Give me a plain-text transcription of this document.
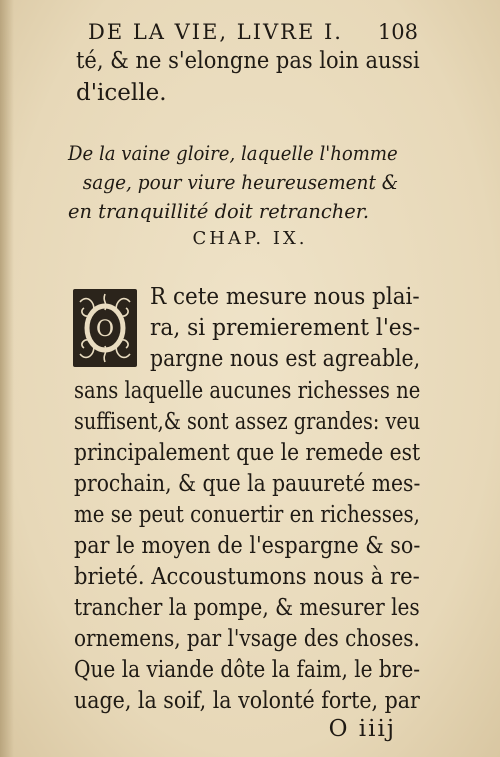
DE LA VIE, LIVRE I. 108
té, & ne s'elongne pas loin aussi
d'icelle.
De la vaine gloire, laquelle l'homme
sage, pour viure heureusement &
en tranquillité doit retrancher.
CHAP. IX.
O
R cete mesure nous plai-
ra, si premierement l'es-
pargne nous est agreable,
sans laquelle aucunes richesses ne
suffisent,& sont assez grandes: veu
principalement que le remede est
prochain, & que la pauureté mes-
me se peut conuertir en richesses,
par le moyen de l'espargne & so-
brieté. Accoustumons nous à re-
trancher la pompe, & mesurer les
ornemens, par l'vsage des choses.
Que la viande dôte la faim, le bre-
uage, la soif, la volonté forte, par
O iiij
